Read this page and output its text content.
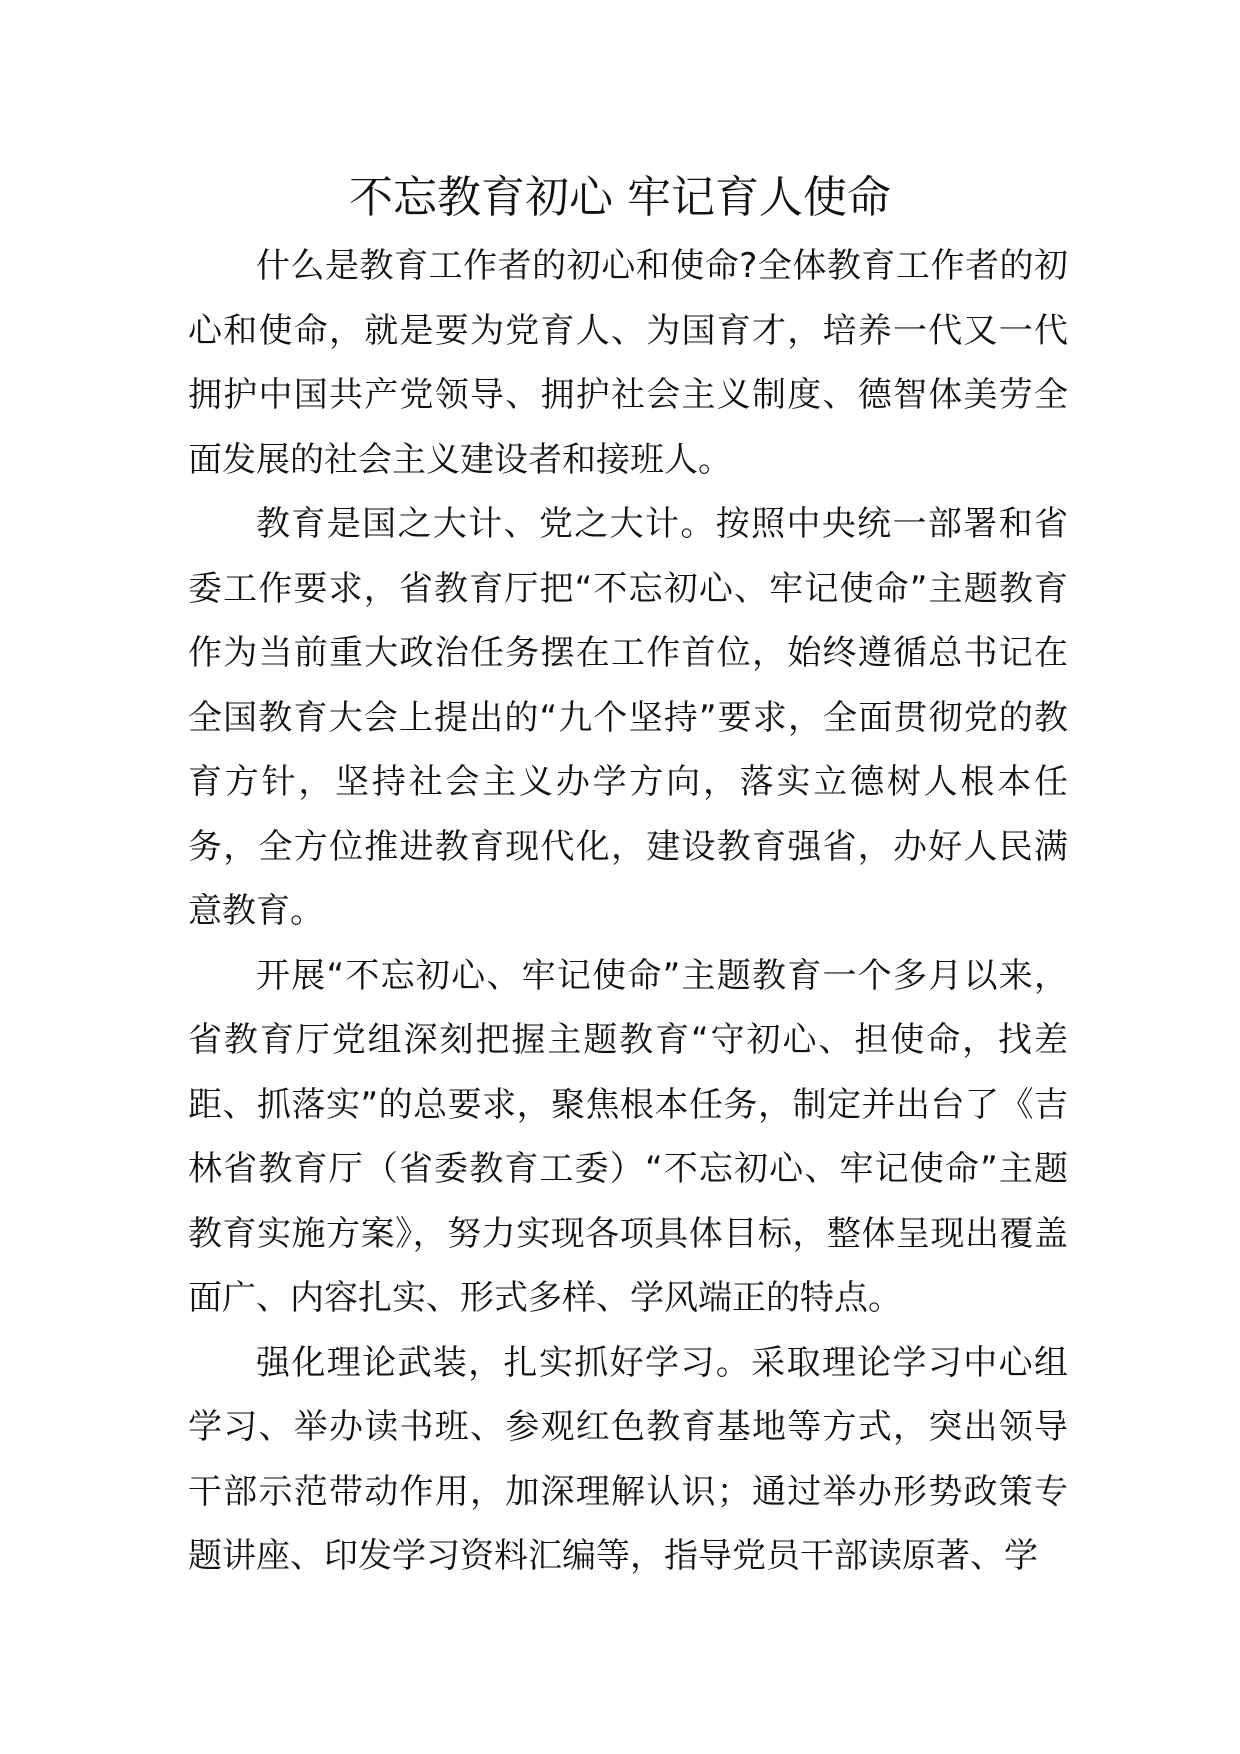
不忘教育初心 牢记育人使命

什么是教育工作者的初心和使命?全体教育工作者的初心和使命，就是要为党育人、为国育才，培养一代又一代拥护中国共产党领导、拥护社会主义制度、德智体美劳全面发展的社会主义建设者和接班人。

教育是国之大计、党之大计。按照中央统一部署和省委工作要求，省教育厅把“不忘初心、牢记使命”主题教育作为当前重大政治任务摆在工作首位，始终遵循总书记在全国教育大会上提出的“九个坚持”要求，全面贯彻党的教育方针，坚持社会主义办学方向，落实立德树人根本任务，全方位推进教育现代化，建设教育强省，办好人民满意教育。

开展“不忘初心、牢记使命”主题教育一个多月以来，省教育厅党组深刻把握主题教育“守初心、担使命，找差距、抓落实”的总要求，聚焦根本任务，制定并出台了《吉林省教育厅（省委教育工委）“不忘初心、牢记使命”主题教育实施方案》，努力实现各项具体目标，整体呈现出覆盖面广、内容扎实、形式多样、学风端正的特点。

强化理论武装，扎实抓好学习。采取理论学习中心组学习、举办读书班、参观红色教育基地等方式，突出领导干部示范带动作用，加深理解认识；通过举办形势政策专题讲座、印发学习资料汇编等，指导党员干部读原著、学
